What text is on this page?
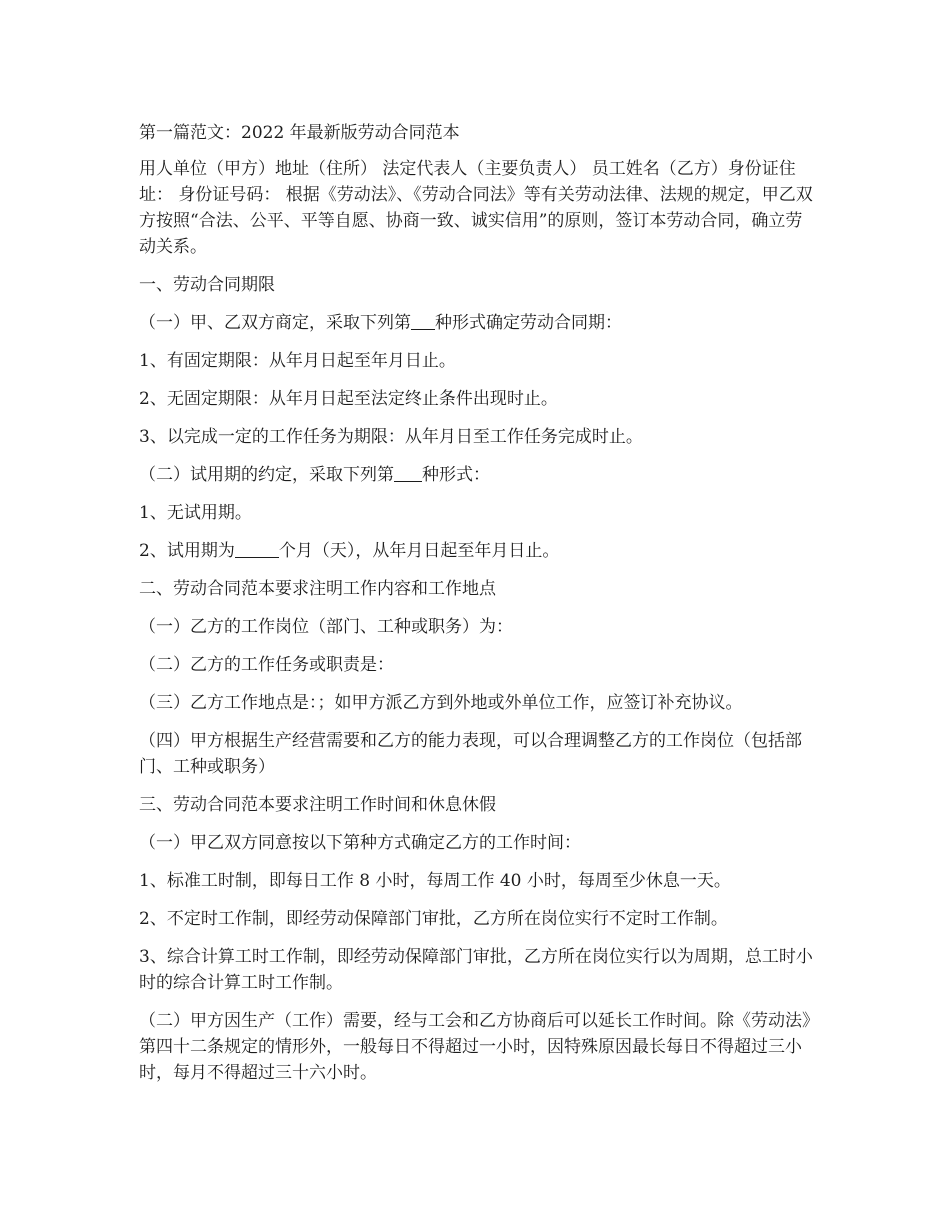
第一篇范文：2022 年最新版劳动合同范本

用人单位（甲方）地址（住所） 法定代表人（主要负责人） 员工姓名（乙方）身份证住址： 身份证号码： 根据《劳动法》、《劳动合同法》等有关劳动法律、法规的规定，甲乙双方按照“合法、公平、平等自愿、协商一致、诚实信用”的原则，签订本劳动合同，确立劳动关系。

一、劳动合同期限

（一）甲、乙双方商定，采取下列第 种形式确定劳动合同期：

1、有固定期限：从年月日起至年月日止。

2、无固定期限：从年月日起至法定终止条件出现时止。

3、以完成一定的工作任务为期限：从年月日至工作任务完成时止。

（二）试用期的约定，采取下列第 种形式：

1、无试用期。

2、试用期为	个月（天），从年月日起至年月日止。

二、劳动合同范本要求注明工作内容和工作地点

（一）乙方的工作岗位（部门、工种或职务）为：

（二）乙方的工作任务或职责是：

（三）乙方工作地点是：；如甲方派乙方到外地或外单位工作，应签订补充协议。

（四）甲方根据生产经营需要和乙方的能力表现，可以合理调整乙方的工作岗位（包括部门、工种或职务）

三、劳动合同范本要求注明工作时间和休息休假

（一）甲乙双方同意按以下第种方式确定乙方的工作时间：

1、标准工时制，即每日工作 8 小时，每周工作 40 小时，每周至少休息一天。

2、不定时工作制，即经劳动保障部门审批，乙方所在岗位实行不定时工作制。

3、综合计算工时工作制，即经劳动保障部门审批，乙方所在岗位实行以为周期，总工时小时的综合计算工时工作制。

（二）甲方因生产（工作）需要，经与工会和乙方协商后可以延长工作时间。除《劳动法》第四十二条规定的情形外，一般每日不得超过一小时，因特殊原因最长每日不得超过三小时，每月不得超过三十六小时。
